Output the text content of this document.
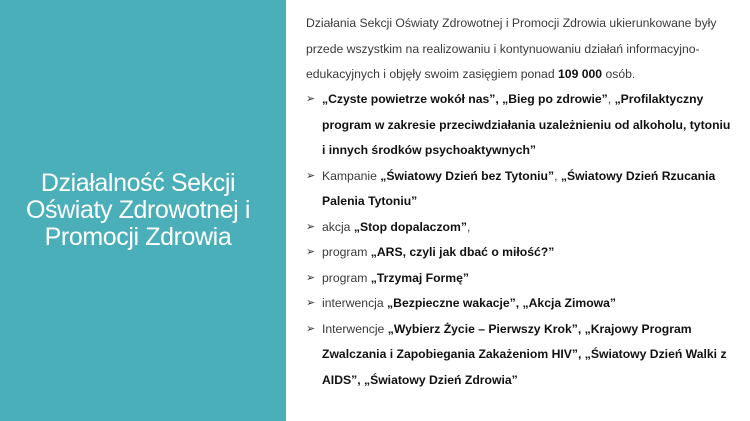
Działalność Sekcji Oświaty Zdrowotnej i Promocji Zdrowia

Działania Sekcji Oświaty Zdrowotnej i Promocji Zdrowia ukierunkowane były przede wszystkim na realizowaniu i kontynuowaniu działań informacyjno-edukacyjnych i objęły swoim zasięgiem ponad 109 000 osób.

➢ „Czyste powietrze wokół nas”, „Bieg po zdrowie”, „Profilaktyczny program w zakresie przeciwdziałania uzależnieniu od alkoholu, tytoniu i innych środków psychoaktywnych”
➢ Kampanie „Światowy Dzień bez Tytoniu”, „Światowy Dzień Rzucania Palenia Tytoniu”
➢ akcja „Stop dopalaczom”,
➢ program „ARS, czyli jak dbać o miłość?”
➢ program „Trzymaj Formę”
➢ interwencja „Bezpieczne wakacje”, „Akcja Zimowa”
➢ Interwencje „Wybierz Życie – Pierwszy Krok”, „Krajowy Program Zwalczania i Zapobiegania Zakażeniom HIV”, „Światowy Dzień Walki z AIDS”, „Światowy Dzień Zdrowia”
